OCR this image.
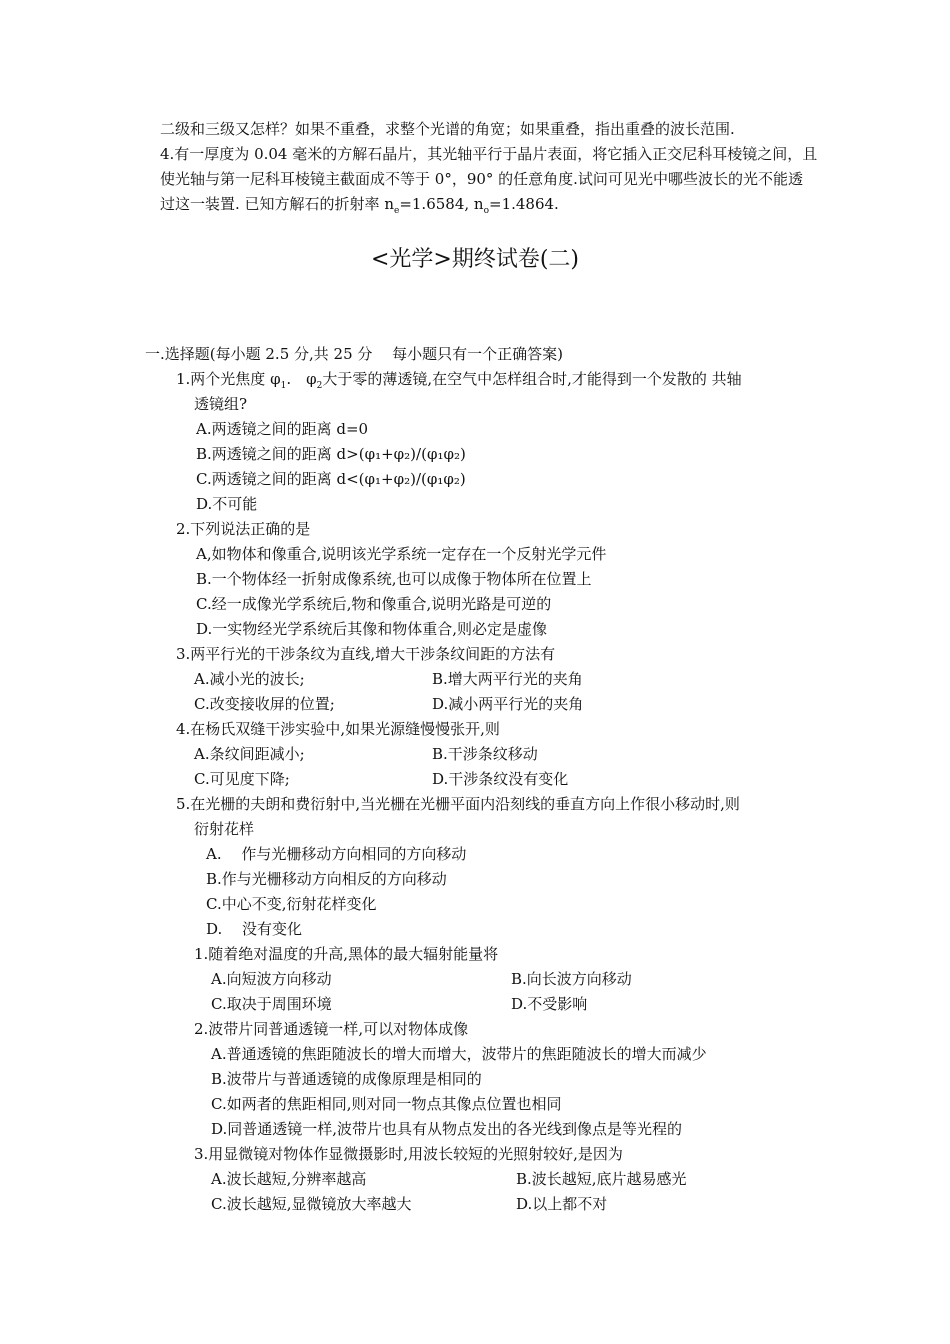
二级和三级又怎样？如果不重叠，求整个光谱的角宽；如果重叠，指出重叠的波长范围.
4.有一厚度为 0.04 毫米的方解石晶片，其光轴平行于晶片表面，将它插入正交尼科耳棱镜之间，且
使光轴与第一尼科耳棱镜主截面成不等于 0°，90° 的任意角度.试问可见光中哪些波长的光不能透
过这一装置. 已知方解石的折射率 $n_e=1.6584$, $n_o=1.4864$.
<光学>期终试卷(二)
一.选择题(每小题 2.5 分,共 25 分　 每小题只有一个正确答案)
1.两个光焦度 $\varphi_1$.　$\varphi_2$大于零的薄透镜,在空气中怎样组合时,才能得到一个发散的 共轴
透镜组?
A.两透镜之间的距离 d=0
B.两透镜之间的距离 d>(φ₁+φ₂)/(φ₁φ₂)
C.两透镜之间的距离 d<(φ₁+φ₂)/(φ₁φ₂)
D.不可能
2.下列说法正确的是
A,如物体和像重合,说明该光学系统一定存在一个反射光学元件
B.一个物体经一折射成像系统,也可以成像于物体所在位置上
C.经一成像光学系统后,物和像重合,说明光路是可逆的
D.一实物经光学系统后其像和物体重合,则必定是虚像
3.两平行光的干涉条纹为直线,增大干涉条纹间距的方法有
A.减小光的波长;	B.增大两平行光的夹角
C.改变接收屏的位置;	D.减小两平行光的夹角
4.在杨氏双缝干涉实验中,如果光源缝慢慢张开,则
A.条纹间距减小;	B.干涉条纹移动
C.可见度下降;	D.干涉条纹没有变化
5.在光栅的夫朗和费衍射中,当光栅在光栅平面内沿刻线的垂直方向上作很小移动时,则
衍射花样
A.　 作与光栅移动方向相同的方向移动
B.作与光栅移动方向相反的方向移动
C.中心不变,衍射花样变化
D.　 没有变化
1.随着绝对温度的升高,黑体的最大辐射能量将
A.向短波方向移动	B.向长波方向移动
C.取决于周围环境	D.不受影响
2.波带片同普通透镜一样,可以对物体成像
A.普通透镜的焦距随波长的增大而增大，波带片的焦距随波长的增大而减少
B.波带片与普通透镜的成像原理是相同的
C.如两者的焦距相同,则对同一物点其像点位置也相同
D.同普通透镜一样,波带片也具有从物点发出的各光线到像点是等光程的
3.用显微镜对物体作显微摄影时,用波长较短的光照射较好,是因为
A.波长越短,分辨率越高	B.波长越短,底片越易感光
C.波长越短,显微镜放大率越大	D.以上都不对
